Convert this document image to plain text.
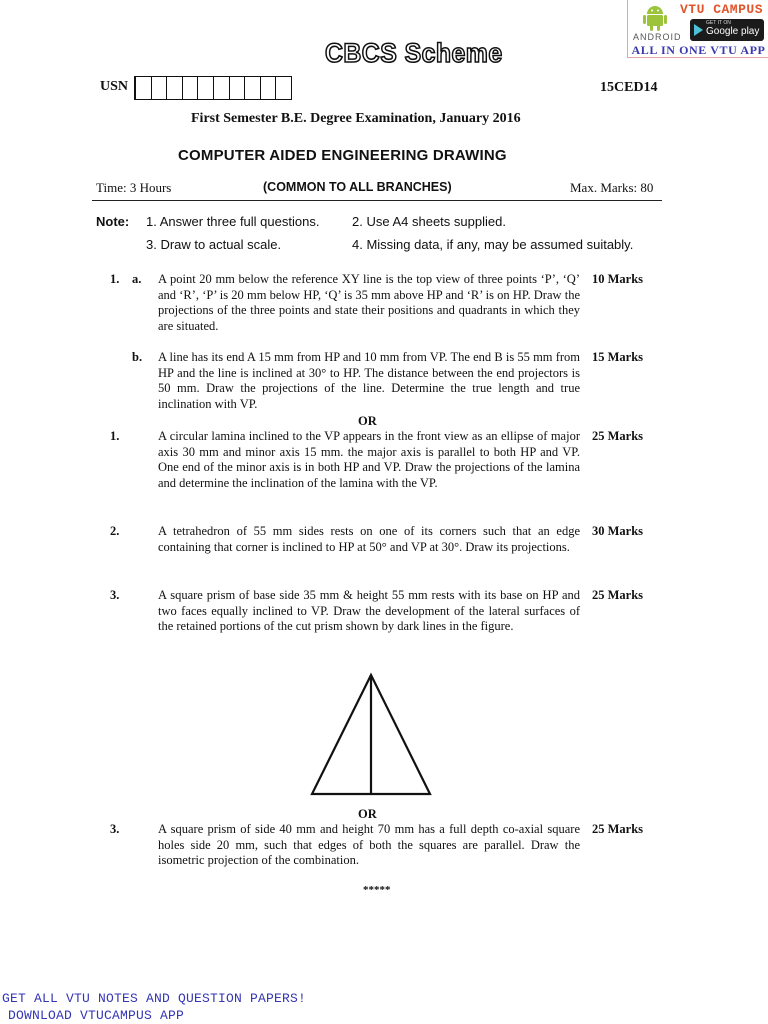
VTU CAMPUS
ANDROID
GET IT ON
Google play
ALL IN ONE VTU APP
CBCS Scheme
USN	15CED14
First Semester B.E. Degree Examination, January 2016
COMPUTER AIDED ENGINEERING DRAWING
Time: 3 Hours	(COMMON TO ALL BRANCHES)	Max. Marks: 80
Note: 1. Answer three full questions.	2. Use A4 sheets supplied.
3. Draw to actual scale.	4. Missing data, if any, may be assumed suitably.
1. a. A point 20 mm below the reference XY line is the top view of three points ‘P’, ‘Q’ and ‘R’, ‘P’ is 20 mm below HP, ‘Q’ is 35 mm above HP and ‘R’ is on HP. Draw the projections of the three points and state their positions and quadrants in which they are situated.
10 Marks
b. A line has its end A 15 mm from HP and 10 mm from VP. The end B is 55 mm from HP and the line is inclined at 30° to HP. The distance between the end projectors is 50 mm. Draw the projections of the line. Determine the true length and true inclination with VP.
15 Marks
OR
1.	A circular lamina inclined to the VP appears in the front view as an ellipse of major axis 30 mm and minor axis 15 mm. the major axis is parallel to both HP and VP. One end of the minor axis is in both HP and VP. Draw the projections of the lamina and determine the inclination of the lamina with the VP.
25 Marks
2.	A tetrahedron of 55 mm sides rests on one of its corners such that an edge containing that corner is inclined to HP at 50° and VP at 30°. Draw its projections.
30 Marks
3.	A square prism of base side 35 mm & height 55 mm rests with its base on HP and two faces equally inclined to VP. Draw the development of the lateral surfaces of the retained portions of the cut prism shown by dark lines in the figure.
25 Marks
OR
3.	A square prism of side 40 mm and height 70 mm has a full depth co-axial square holes side 20 mm, such that edges of both the squares are parallel. Draw the isometric projection of the combination.
25 Marks
*****
GET ALL VTU NOTES AND QUESTION PAPERS!
DOWNLOAD VTUCAMPUS APP
